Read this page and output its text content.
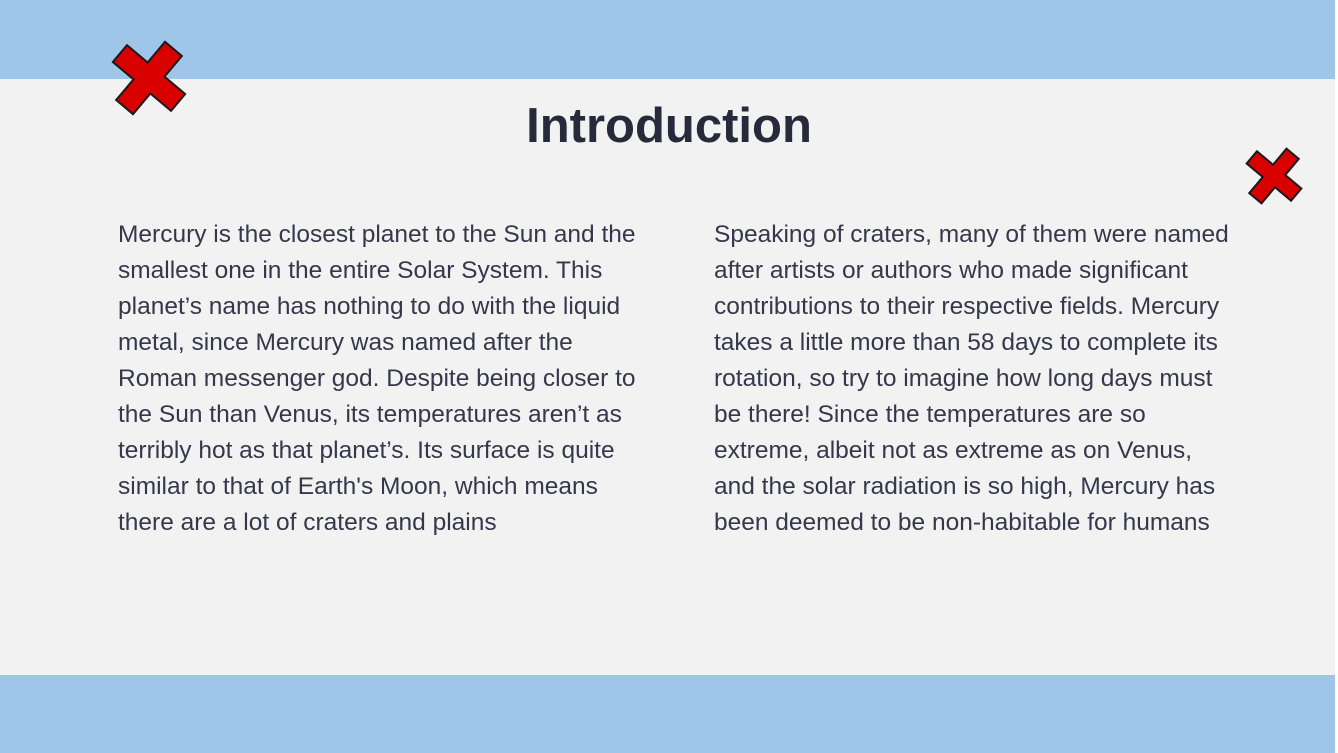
Introduction

Mercury is the closest planet to the Sun and the smallest one in the entire Solar System. This planet’s name has nothing to do with the liquid metal, since Mercury was named after the Roman messenger god. Despite being closer to the Sun than Venus, its temperatures aren’t as terribly hot as that planet’s. Its surface is quite similar to that of Earth's Moon, which means there are a lot of craters and plains

Speaking of craters, many of them were named after artists or authors who made significant contributions to their respective fields. Mercury takes a little more than 58 days to complete its rotation, so try to imagine how long days must be there! Since the temperatures are so extreme, albeit not as extreme as on Venus, and the solar radiation is so high, Mercury has been deemed to be non-habitable for humans
